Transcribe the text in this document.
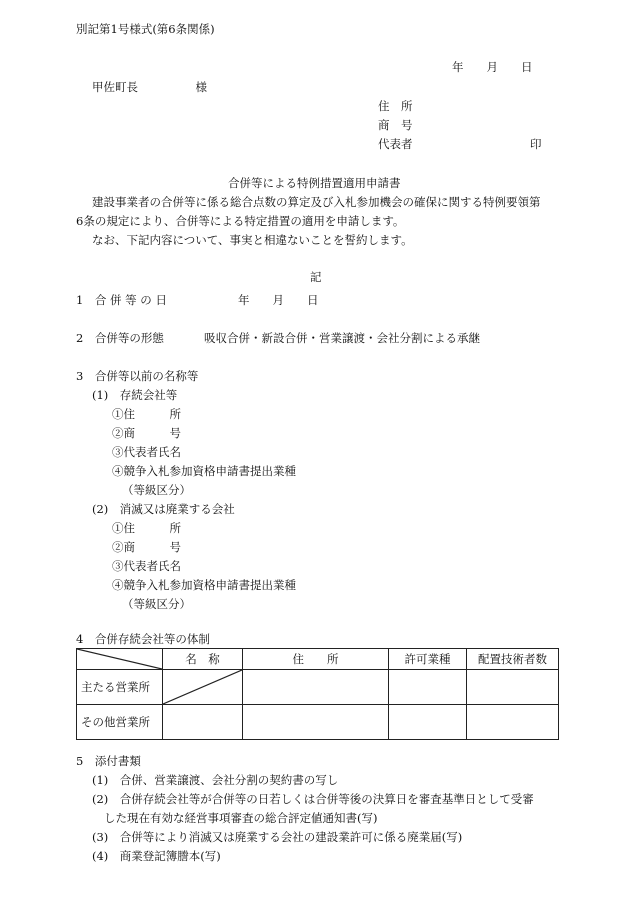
別記第1号様式(第6条関係)
年　　月　　日
甲佐町長　　　　　様
住　所
商　号
代表者	印
合併等による特例措置適用申請書
建設事業者の合併等に係る総合点数の算定及び入札参加機会の確保に関する特例要領第
6条の規定により、合併等による特定措置の適用を申請します。
なお、下記内容について、事実と相違ないことを誓約します。
記
1　合 併 等 の 日	年　　月　　日
2　合併等の形態	吸収合併・新設合併・営業譲渡・会社分割による承継
3　合併等以前の名称等
(1)　存続会社等
①住　　　所
②商　　　号
③代表者氏名
④競争入札参加資格申請書提出業種
（等級区分）
(2)　消滅又は廃業する会社
①住　　　所
②商　　　号
③代表者氏名
④競争入札参加資格申請書提出業種
（等級区分）
4　合併存続会社等の体制
	名　称	住　　所	許可業種	配置技術者数
主たる営業所	

その他営業所				
5　添付書類
(1)　合併、営業譲渡、会社分割の契約書の写し
(2)　合併存続会社等が合併等の日若しくは合併等後の決算日を審査基準日として受審
した現在有効な経営事項審査の総合評定値通知書(写)
(3)　合併等により消滅又は廃業する会社の建設業許可に係る廃業届(写)
(4)　商業登記簿謄本(写)
